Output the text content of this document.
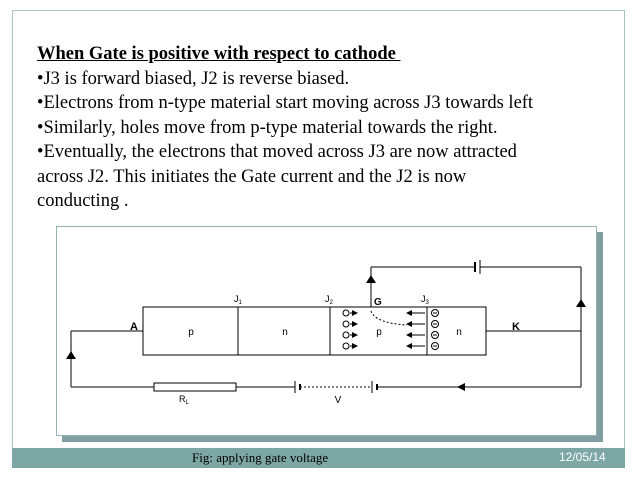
When Gate is positive with respect to cathode
•J3 is forward biased, J2 is reverse biased.
•Electrons from n-type material start moving across J3 towards left
•Similarly, holes move from p-type material towards the right.
•Eventually, the electrons that moved across J3 are now attracted
across J2. This initiates the Gate current and the J2 is now
conducting .
p	n	p	n
$J_1$	$J_2$	$J_3$
A	K
G
$R_L$	V
Fig: applying gate voltage	12/05/14
